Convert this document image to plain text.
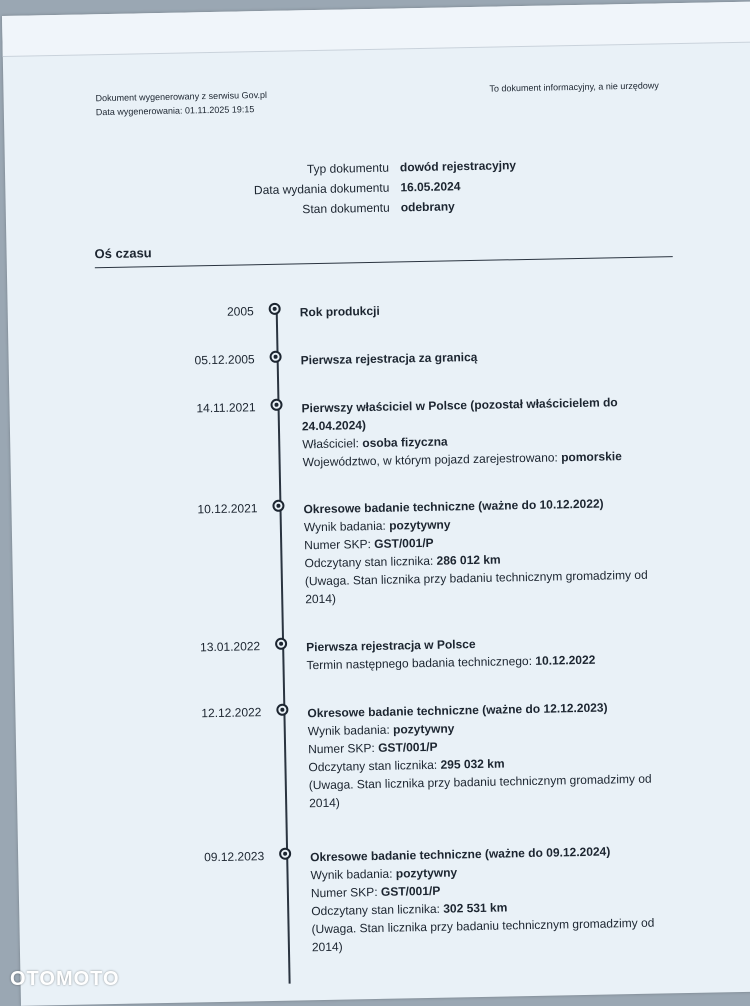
Dokument wygenerowany z serwisu Gov.pl
Data wygenerowania: 01.11.2025 19:15
To dokument informacyjny, a nie urzędowy
Typ dokumentu dowód rejestracyjny
Data wydania dokumentu 16.05.2024
Stan dokumentu odebrany
Oś czasu
2005	Rok produkcji
05.12.2005	Pierwsza rejestracja za granicą
14.11.2021	Pierwszy właściciel w Polsce (pozostał właścicielem do 24.04.2024)
Właściciel: osoba fizyczna
Województwo, w którym pojazd zarejestrowano: pomorskie
10.12.2021	Okresowe badanie techniczne (ważne do 10.12.2022)
Wynik badania: pozytywny
Numer SKP: GST/001/P
Odczytany stan licznika: 286 012 km
(Uwaga. Stan licznika przy badaniu technicznym gromadzimy od 2014)
13.01.2022	Pierwsza rejestracja w Polsce
Termin następnego badania technicznego: 10.12.2022
12.12.2022	Okresowe badanie techniczne (ważne do 12.12.2023)
Wynik badania: pozytywny
Numer SKP: GST/001/P
Odczytany stan licznika: 295 032 km
(Uwaga. Stan licznika przy badaniu technicznym gromadzimy od 2014)
09.12.2023	Okresowe badanie techniczne (ważne do 09.12.2024)
Wynik badania: pozytywny
Numer SKP: GST/001/P
Odczytany stan licznika: 302 531 km
(Uwaga. Stan licznika przy badaniu technicznym gromadzimy od 2014)
OTOMOTO
